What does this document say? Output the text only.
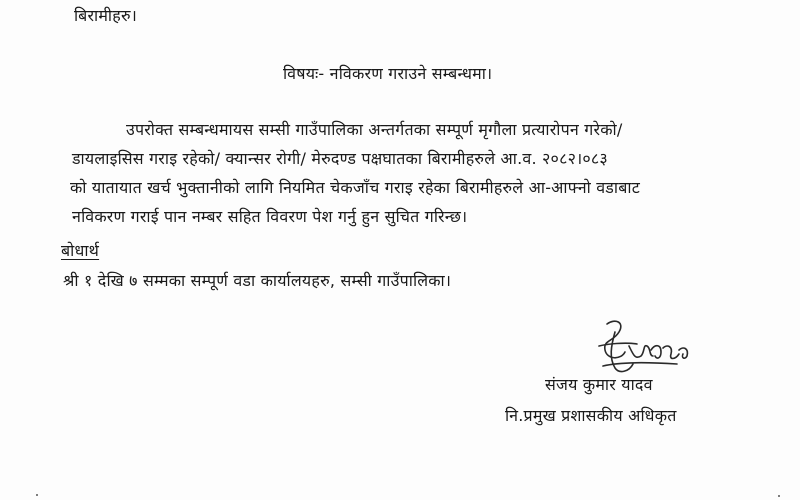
बिरामीहरु।
विषयः- नविकरण गराउने सम्बन्धमा।
उपरोक्त सम्बन्धमायस सम्सी गाउँपालिका अन्तर्गतका सम्पूर्ण मृगौला प्रत्यारोपन गरेको/
डायलाइसिस गराइ रहेको/ क्यान्सर रोगी/ मेरुदण्ड पक्षघातका बिरामीहरुले आ.व. २०८२।०८३
को यातायात खर्च भुक्तानीको लागि नियमित चेकजाँच गराइ रहेका बिरामीहरुले आ-आफ्नो वडाबाट
नविकरण गराई पान नम्बर सहित विवरण पेश गर्नु हुन सुचित गरिन्छ।
बोधार्थ
श्री १ देखि ७ सम्मका सम्पूर्ण वडा कार्यालयहरु, सम्सी गाउँपालिका।
संजय कुमार यादव
नि.प्रमुख प्रशासकीय अधिकृत
